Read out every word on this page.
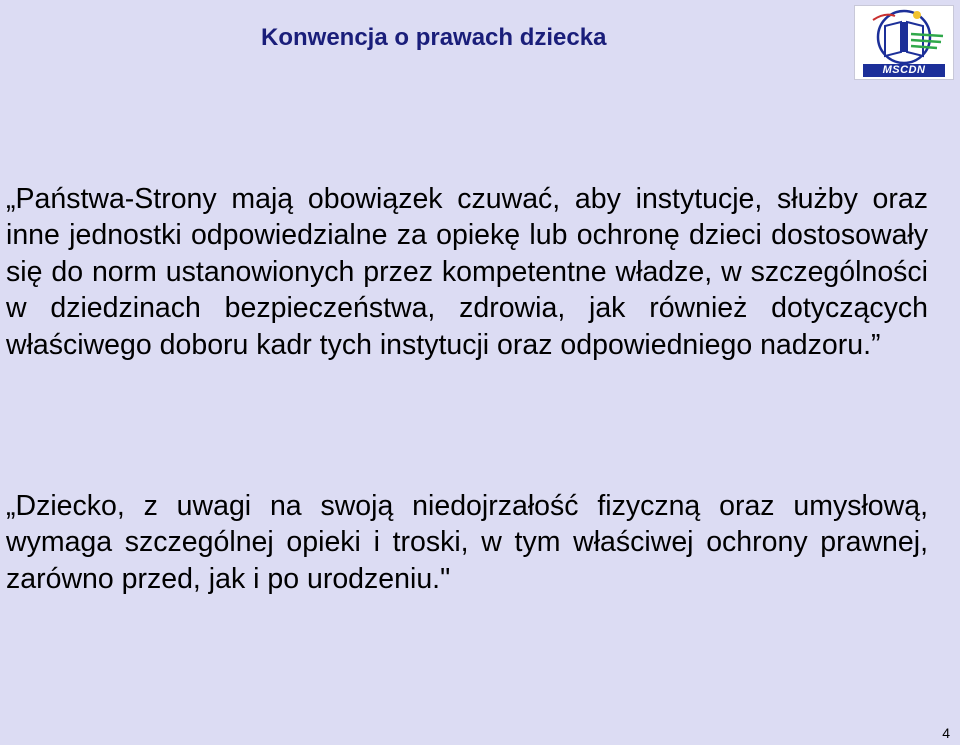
Konwencja o prawach dziecka
MSCDN
„Państwa-Strony mają obowiązek czuwać, aby instytucje, służby oraz inne jednostki odpowiedzialne za opiekę lub ochronę dzieci dostosowały się do norm ustanowionych przez kompetentne władze, w szczególności w dziedzinach bezpieczeństwa, zdrowia, jak również dotyczących właściwego doboru kadr tych instytucji oraz odpowiedniego nadzoru.”
„Dziecko, z uwagi na swoją niedojrzałość fizyczną oraz umysłową, wymaga szczególnej opieki i troski, w tym właściwej ochrony prawnej, zarówno przed, jak i po urodzeniu."
4
